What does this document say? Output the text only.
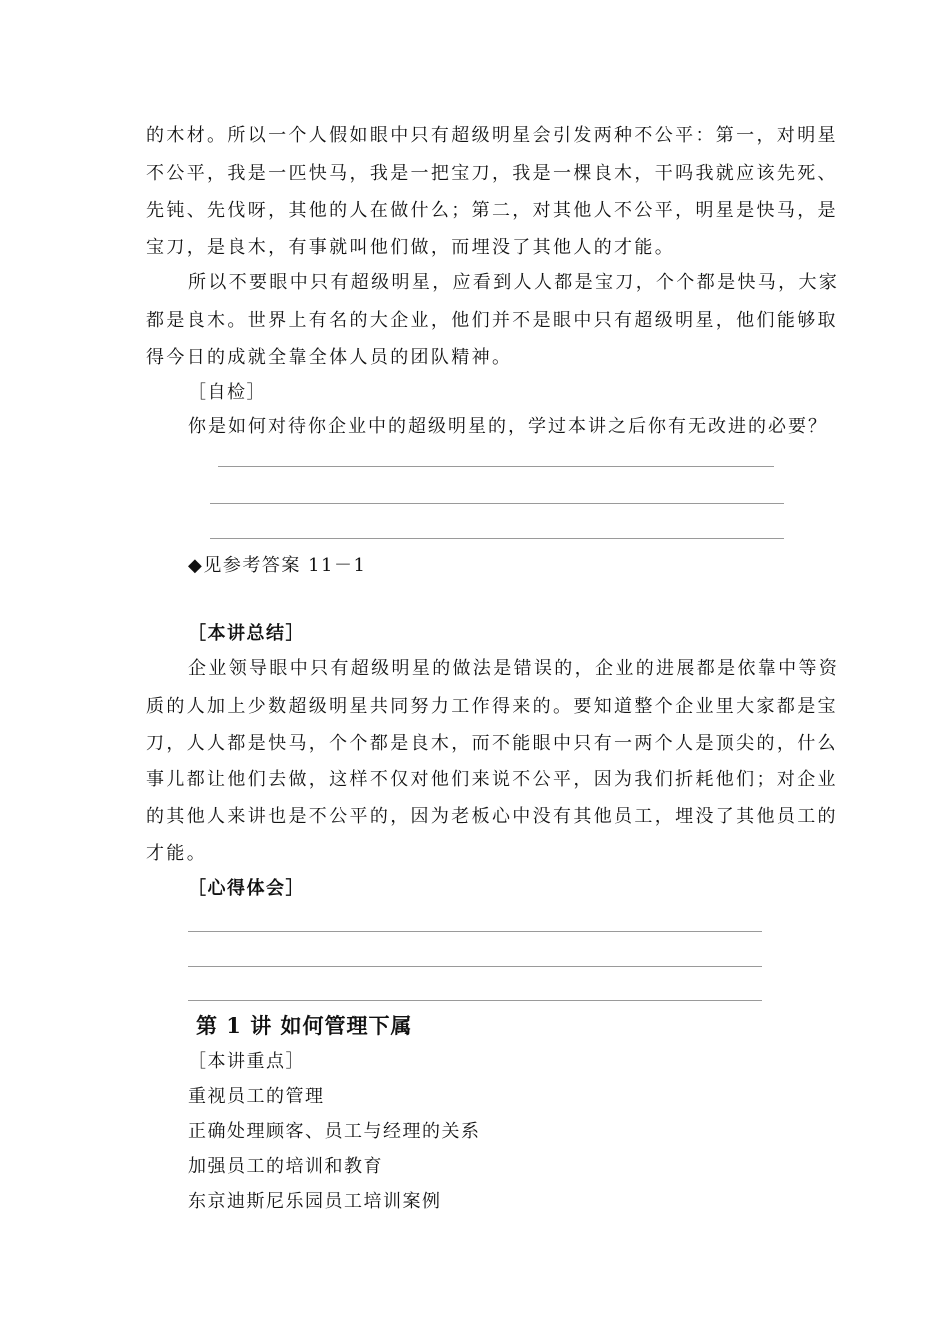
的木材。所以一个人假如眼中只有超级明星会引发两种不公平：第一，对明星
不公平，我是一匹快马，我是一把宝刀，我是一棵良木，干吗我就应该先死、
先钝、先伐呀，其他的人在做什么；第二，对其他人不公平，明星是快马，是
宝刀，是良木，有事就叫他们做，而埋没了其他人的才能。
所以不要眼中只有超级明星，应看到人人都是宝刀，个个都是快马，大家
都是良木。世界上有名的大企业，他们并不是眼中只有超级明星，他们能够取
得今日的成就全靠全体人员的团队精神。
［自检］
你是如何对待你企业中的超级明星的，学过本讲之后你有无改进的必要？
◆见参考答案 11－1
［本讲总结］
企业领导眼中只有超级明星的做法是错误的，企业的进展都是依靠中等资
质的人加上少数超级明星共同努力工作得来的。要知道整个企业里大家都是宝
刀，人人都是快马，个个都是良木，而不能眼中只有一两个人是顶尖的，什么
事儿都让他们去做，这样不仅对他们来说不公平，因为我们折耗他们；对企业
的其他人来讲也是不公平的，因为老板心中没有其他员工，埋没了其他员工的
才能。
［心得体会］
第 1 讲 如何管理下属
［本讲重点］
重视员工的管理
正确处理顾客、员工与经理的关系
加强员工的培训和教育
东京迪斯尼乐园员工培训案例
